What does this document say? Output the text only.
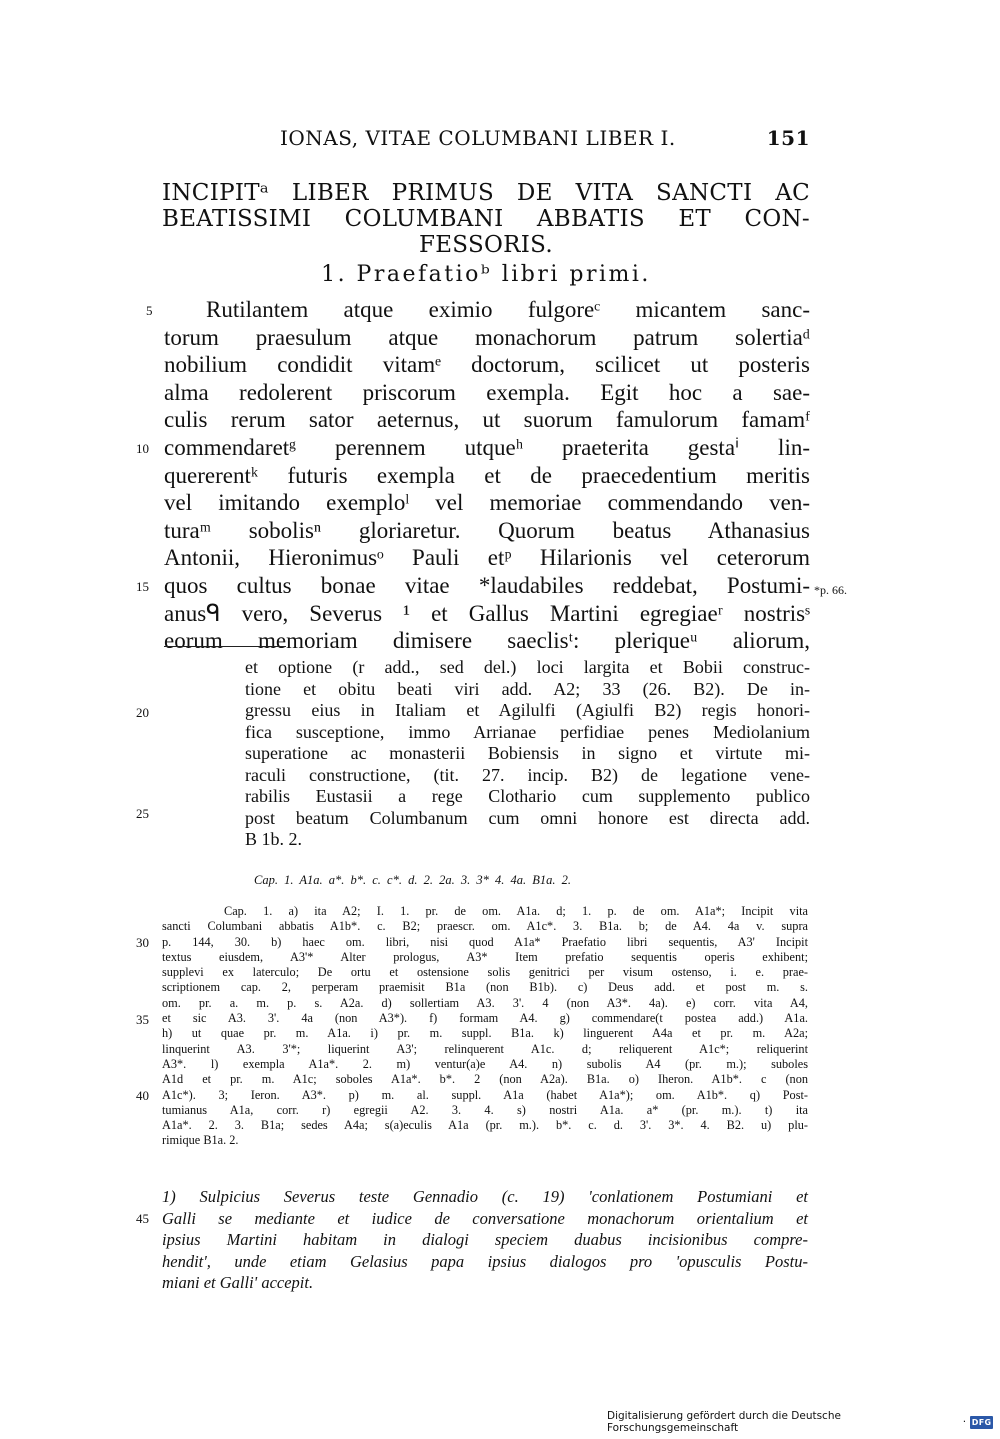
IONAS, VITAE COLUMBANI LIBER I.	151
INCIPITᵃ LIBER PRIMUS DE VITA SANCTI AC
BEATISSIMI COLUMBANI ABBATIS ET CON-
FESSORIS.
1. Praefatioᵇ libri primi.
Rutilantem atque eximio fulgoreᶜ micantem sanc-
torum praesulum atque monachorum patrum solertiaᵈ
nobilium condidit vitamᵉ doctorum, scilicet ut posteris
alma redolerent priscorum exempla. Egit hoc a sae-
culis rerum sator aeternus, ut suorum famulorum famamᶠ
commendaretᵍ perennem utqueʰ praeterita gestaⁱ lin-
quererentᵏ futuris exempla et de praecedentium meritis
vel imitando exemploˡ vel memoriae commendando ven-
turaᵐ sobolisⁿ gloriaretur. Quorum beatus Athanasius
Antonii, Hieronimusᵒ Pauli etᵖ Hilarionis vel ceterorum
quos cultus bonae vitae *laudabiles reddebat, Postumi-
anusᑫ vero, Severus ¹ et Gallus Martini egregiaeʳ nostrisˢ
eorum memoriam dimisere saeclisᵗ: pleriqueᵘ aliorum,
5
10
15	*p. 66.
et optione (r add., sed del.) loci largita et Bobii construc-
tione et obitu beati viri add. A2; 33 (26. B2). De in-
gressu eius in Italiam et Agilulfi (Agiulfi B2) regis honori-
fica susceptione, immo Arrianae perfidiae penes Mediolanium
superatione ac monasterii Bobiensis in signo et virtute mi-
raculi constructione, (tit. 27. incip. B2) de legatione vene-
rabilis Eustasii a rege Clothario cum supplemento publico
post beatum Columbanum cum omni honore est directa add.
B 1b. 2.
20
25
Cap. 1. A1a. a*. b*. c. c*. d. 2. 2a. 3. 3* 4. 4a. B1a. 2.
Cap. 1. a) ita A2; I. 1. pr. de om. A1a. d; 1. p. de om. A1a*; Incipit vita
sancti Columbani abbatis A1b*. c. B2; praescr. om. A1c*. 3. B1a. b; de A4. 4a v. supra
p. 144, 30. b) haec om. libri, nisi quod A1a* Praefatio libri sequentis, A3' Incipit
textus eiusdem, A3'* Alter prologus, A3* Item prefatio sequentis operis exhibent;
supplevi ex laterculo; De ortu et ostensione solis genitrici per visum ostenso, i. e. prae-
scriptionem cap. 2, perperam praemisit B1a (non B1b). c) Deus add. et post m. s.
om. pr. a. m. p. s. A2a. d) sollertiam A3. 3'. 4 (non A3*. 4a). e) corr. vita A4,
et sic A3. 3'. 4a (non A3*). f) formam A4. g) commendare(t postea add.) A1a.
h) ut quae pr. m. A1a. i) pr. m. suppl. B1a. k) linguerent A4a et pr. m. A2a;
linquerint A3. 3'*; liquerint A3'; relinquerent A1c. d; reliquerent A1c*; reliquerint
A3*. l) exempla A1a*. 2. m) ventur(a)e A4. n) subolis A4 (pr. m.); suboles
A1d et pr. m. A1c; soboles A1a*. b*. 2 (non A2a). B1a. o) Iheron. A1b*. c (non
A1c*). 3; Ieron. A3*. p) m. al. suppl. A1a (habet A1a*); om. A1b*. q) Post-
tumianus A1a, corr. r) egregii A2. 3. 4. s) nostri A1a. a* (pr. m.). t) ita
A1a*. 2. 3. B1a; sedes A4a; s(a)eculis A1a (pr. m.). b*. c. d. 3'. 3*. 4. B2. u) plu-
rimique B1a. 2.
30
35
40
1) Sulpicius Severus teste Gennadio (c. 19) 'conlationem Postumiani et
Galli se mediante et iudice de conversatione monachorum orientalium et
ipsius Martini habitam in dialogi speciem duabus incisionibus compre-
hendit', unde etiam Gelasius papa ipsius dialogos pro 'opusculis Postu-
miani et Galli' accepit.
45
Digitalisierung gefördert durch die Deutsche Forschungsgemeinschaft	· DFG
